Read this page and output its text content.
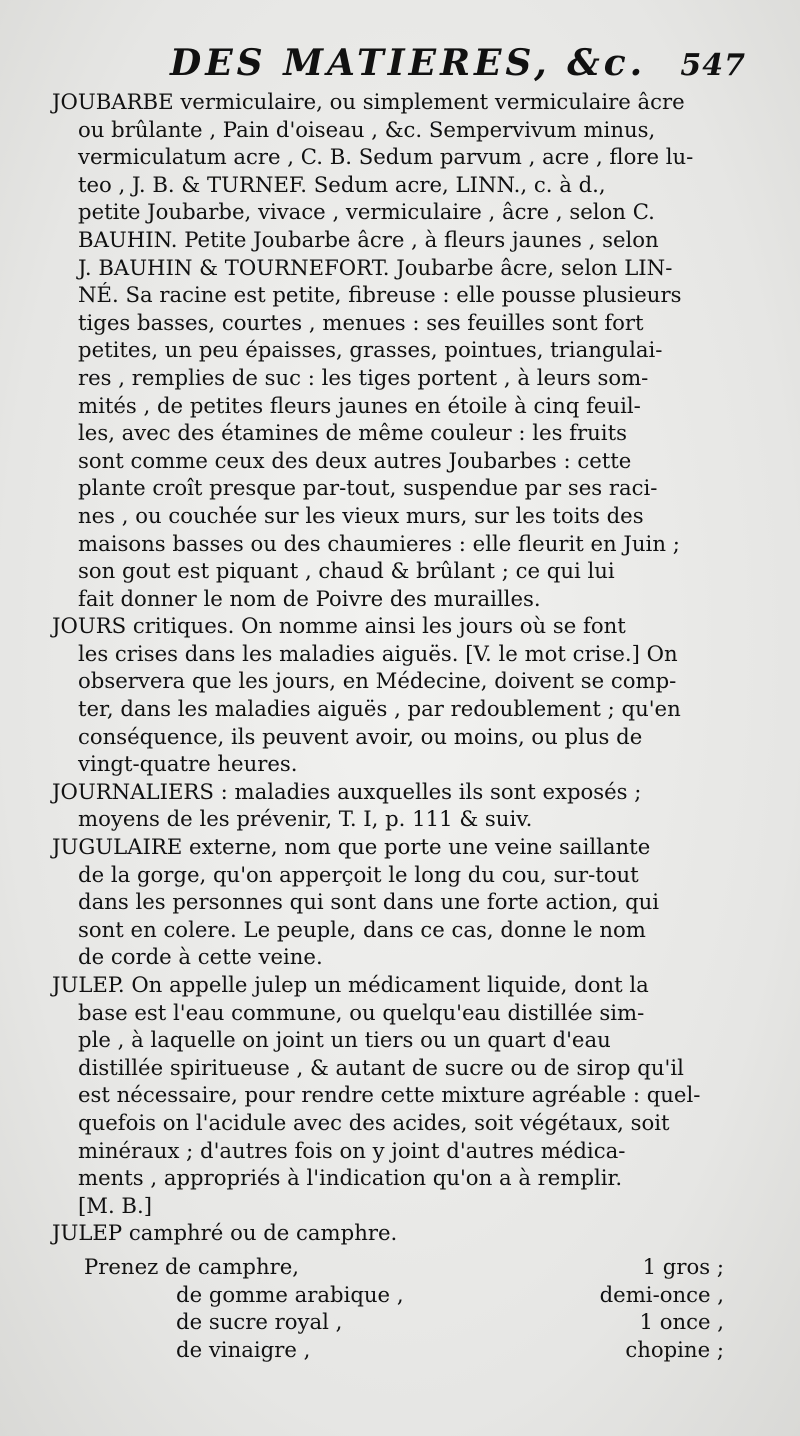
DES MATIERES, &c. 547
JOUBARBE vermiculaire, ou simplement vermiculaire âcre
ou brûlante , Pain d'oiseau , &c. Sempervivum minus,
vermiculatum acre , C. B. Sedum parvum , acre , flore lu-
teo , J. B. & TURNEF. Sedum acre, LINN., c. à d.,
petite Joubarbe, vivace , vermiculaire , âcre , selon C.
BAUHIN. Petite Joubarbe âcre , à fleurs jaunes , selon
J. BAUHIN & TOURNEFORT. Joubarbe âcre, selon LIN-
NÉ. Sa racine est petite, fibreuse : elle pousse plusieurs
tiges basses, courtes , menues : ses feuilles sont fort
petites, un peu épaisses, grasses, pointues, triangulai-
res , remplies de suc : les tiges portent , à leurs som-
mités , de petites fleurs jaunes en étoile à cinq feuil-
les, avec des étamines de même couleur : les fruits
sont comme ceux des deux autres Joubarbes : cette
plante croît presque par-tout, suspendue par ses raci-
nes , ou couchée sur les vieux murs, sur les toits des
maisons basses ou des chaumieres : elle fleurit en Juin ;
son gout est piquant , chaud & brûlant ; ce qui lui
fait donner le nom de Poivre des murailles.
JOURS critiques. On nomme ainsi les jours où se font
les crises dans les maladies aiguës. [V. le mot crise.] On
observera que les jours, en Médecine, doivent se comp-
ter, dans les maladies aiguës , par redoublement ; qu'en
conséquence, ils peuvent avoir, ou moins, ou plus de
vingt-quatre heures.
JOURNALIERS : maladies auxquelles ils sont exposés ;
moyens de les prévenir, T. I, p. 111 & suiv.
JUGULAIRE externe, nom que porte une veine saillante
de la gorge, qu'on apperçoit le long du cou, sur-tout
dans les personnes qui sont dans une forte action, qui
sont en colere. Le peuple, dans ce cas, donne le nom
de corde à cette veine.
JULEP. On appelle julep un médicament liquide, dont la
base est l'eau commune, ou quelqu'eau distillée sim-
ple , à laquelle on joint un tiers ou un quart d'eau
distillée spiritueuse , & autant de sucre ou de sirop qu'il
est nécessaire, pour rendre cette mixture agréable : quel-
quefois on l'acidule avec des acides, soit végétaux, soit
minéraux ; d'autres fois on y joint d'autres médica-
ments , appropriés à l'indication qu'on a à remplir.
[M. B.]
JULEP camphré ou de camphre.
Prenez de camphre,	1 gros ;
de gomme arabique ,	demi-once ,
de sucre royal ,	1 once ,
de vinaigre ,	chopine ;
